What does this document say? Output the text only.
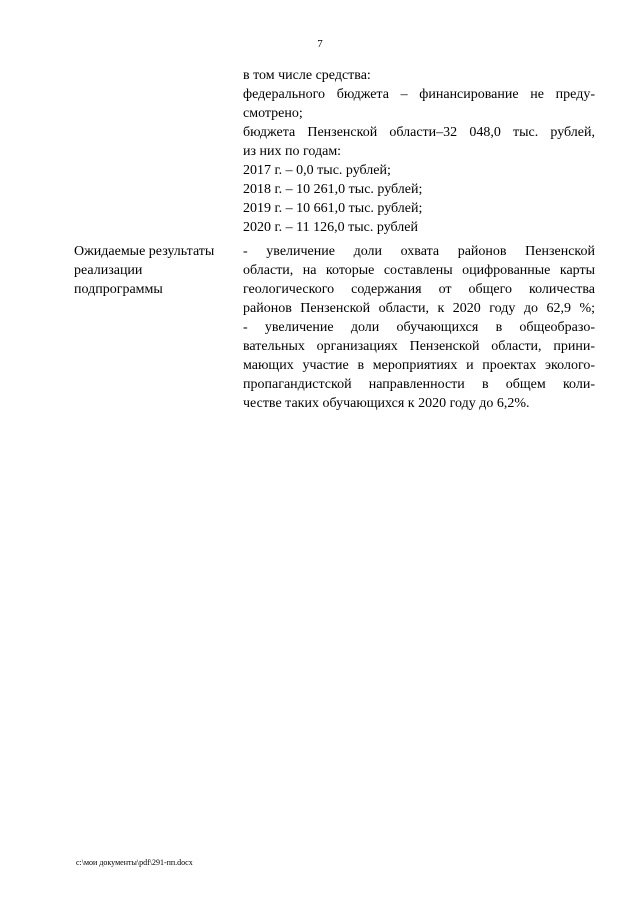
7
в том числе средства:
федерального бюджета – финансирование не преду-
смотрено;
бюджета Пензенской области–32 048,0 тыс. рублей,
из них по годам:
2017 г. – 0,0 тыс. рублей;
2018 г. – 10 261,0 тыс. рублей;
2019 г. – 10 661,0 тыс. рублей;
2020 г. – 11 126,0 тыс. рублей
Ожидаемые результаты
реализации
подпрограммы
- увеличение доли охвата районов Пензенской
области, на которые составлены оцифрованные карты
геологического содержания от общего количества
районов Пензенской области, к 2020 году до 62,9 %;
- увеличение доли обучающихся в общеобразо-
вательных организациях Пензенской области, прини-
мающих участие в мероприятиях и проектах эколого-
пропагандистской направленности в общем коли-
честве таких обучающихся к 2020 году до 6,2%.
c:\мои документы\pdf\291-пп.docx
